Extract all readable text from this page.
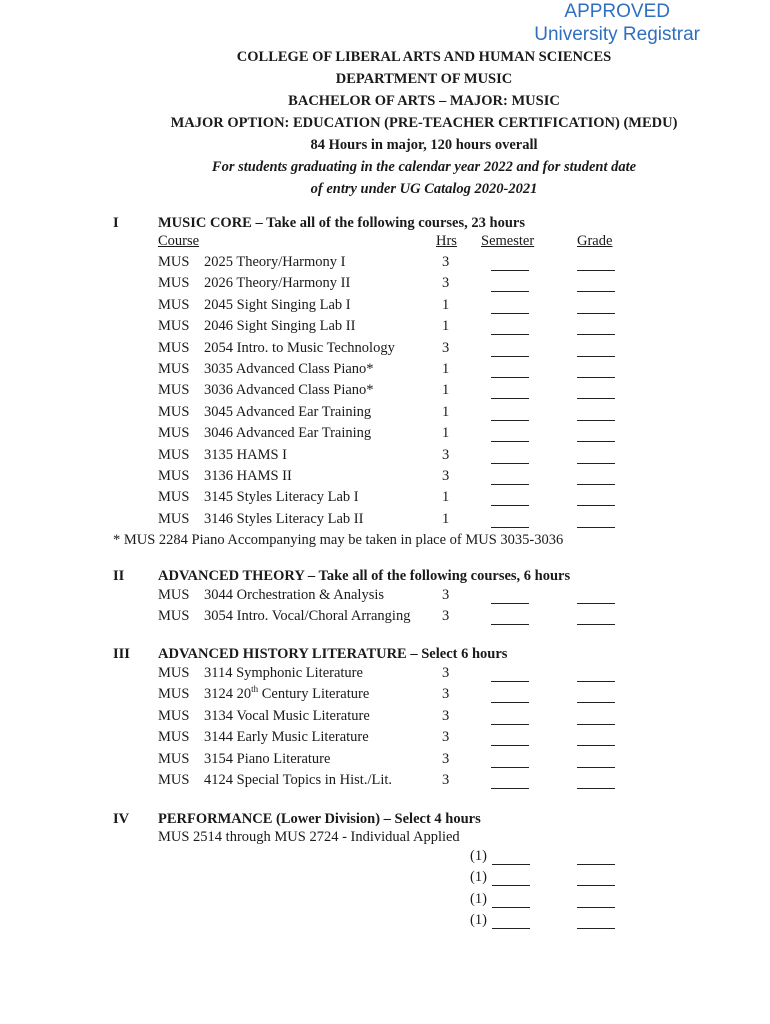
APPROVED
University Registrar
COLLEGE OF LIBERAL ARTS AND HUMAN SCIENCES
DEPARTMENT OF MUSIC
BACHELOR OF ARTS – MAJOR: MUSIC
MAJOR OPTION: EDUCATION (PRE-TEACHER CERTIFICATION) (MEDU)
84 Hours in major, 120 hours overall
For students graduating in the calendar year 2022 and for student date
of entry under UG Catalog 2020-2021
I	MUSIC CORE – Take all of the following courses, 23 hours
Course	Hrs Semester	Grade
MUS 2025 Theory/Harmony I	3
MUS 2026 Theory/Harmony II	3
MUS 2045 Sight Singing Lab I	1
MUS 2046 Sight Singing Lab II	1
MUS 2054 Intro. to Music Technology	3
MUS 3035 Advanced Class Piano*	1
MUS 3036 Advanced Class Piano*	1
MUS 3045 Advanced Ear Training	1
MUS 3046 Advanced Ear Training	1
MUS 3135 HAMS I	3
MUS 3136 HAMS II	3
MUS 3145 Styles Literacy Lab I	1
MUS 3146 Styles Literacy Lab II	1
* MUS 2284 Piano Accompanying may be taken in place of MUS 3035-3036
II ADVANCED THEORY – Take all of the following courses, 6 hours
MUS 3044 Orchestration & Analysis	3
MUS 3054 Intro. Vocal/Choral Arranging 3
III ADVANCED HISTORY LITERATURE – Select 6 hours
MUS 3114 Symphonic Literature	3
MUS 3124 20th Century Literature	3
MUS 3134 Vocal Music Literature	3
MUS 3144 Early Music Literature	3
MUS 3154 Piano Literature	3
MUS 4124 Special Topics in Hist./Lit.	3
IV PERFORMANCE (Lower Division) – Select 4 hours
MUS 2514 through MUS 2724 - Individual Applied
(1)
(1)
(1)
(1)
